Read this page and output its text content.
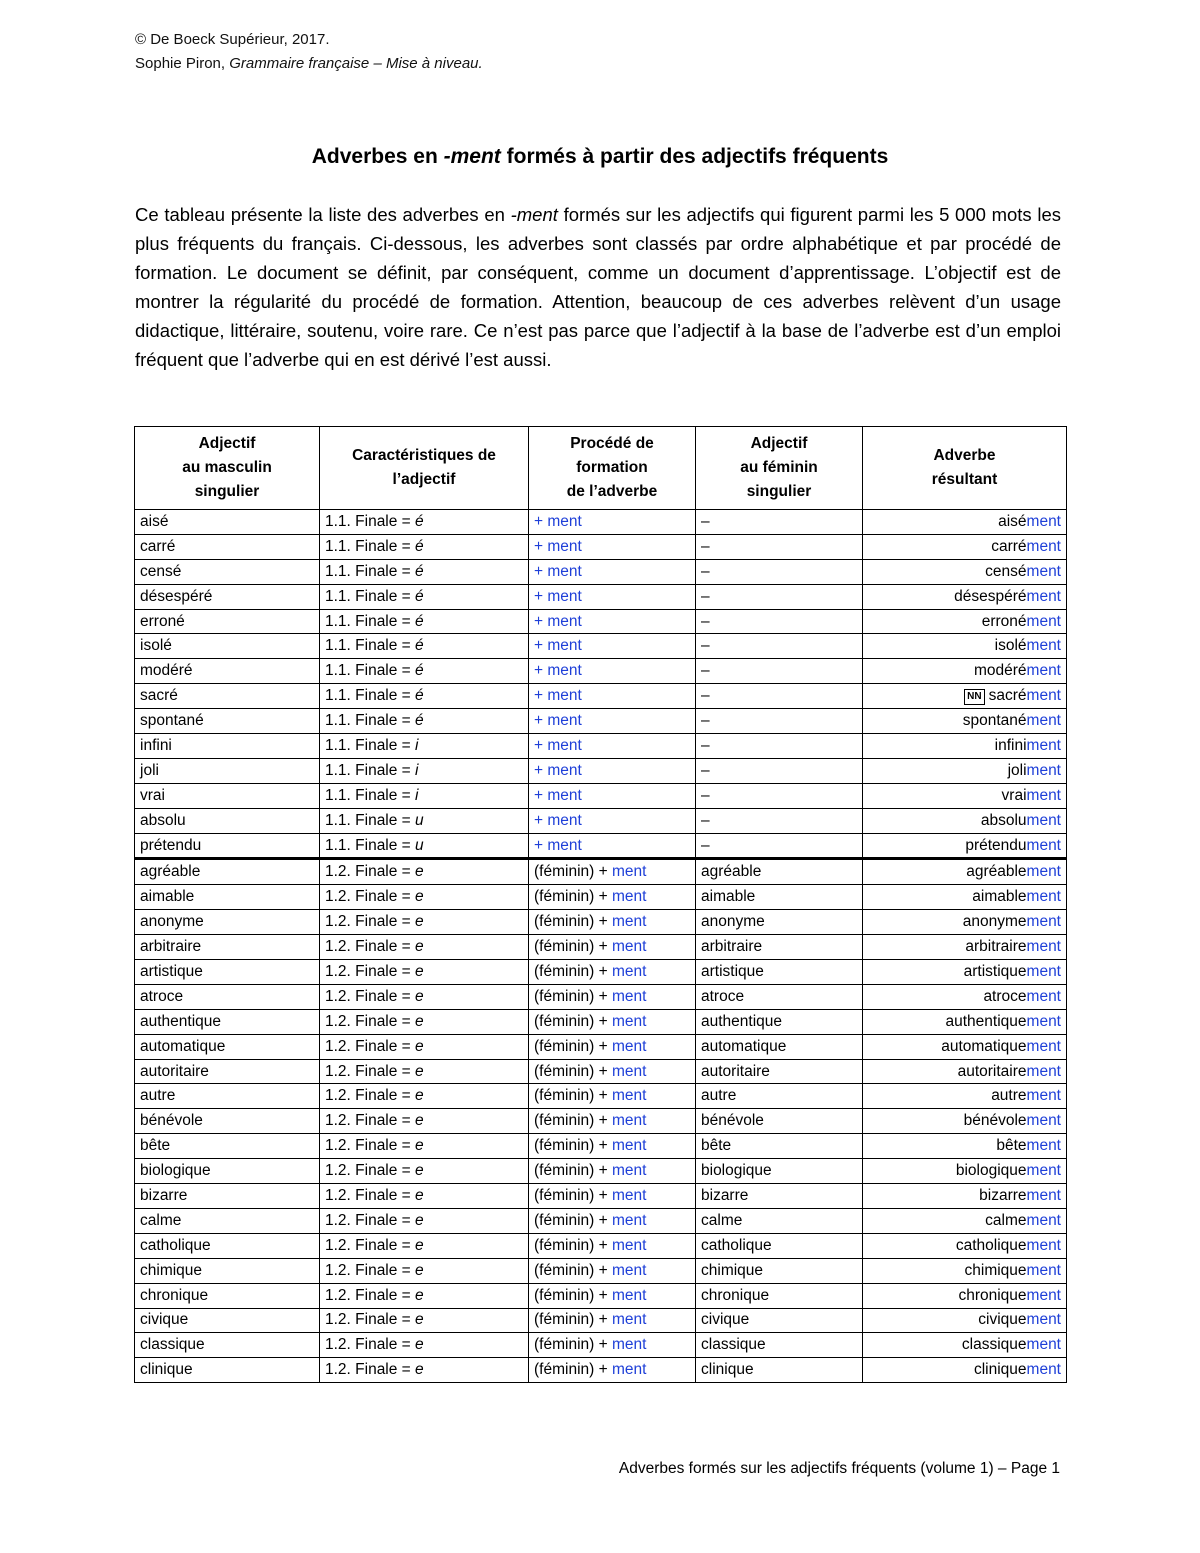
© De Boeck Supérieur, 2017.
Sophie Piron, Grammaire française – Mise à niveau.
Adverbes en -ment formés à partir des adjectifs fréquents
Ce tableau présente la liste des adverbes en -ment formés sur les adjectifs qui figurent parmi les 5 000 mots les plus fréquents du français. Ci-dessous, les adverbes sont classés par ordre alphabétique et par procédé de formation. Le document se définit, par conséquent, comme un document d’apprentissage. L’objectif est de montrer la régularité du procédé de formation. Attention, beaucoup de ces adverbes relèvent d’un usage didactique, littéraire, soutenu, voire rare. Ce n’est pas parce que l’adjectif à la base de l’adverbe est d’un emploi fréquent que l’adverbe qui en est dérivé l’est aussi.
Adjectif
au masculin
singulier	Caractéristiques de
l’adjectif	Procédé de
formation
de l’adverbe	Adjectif
au féminin
singulier	Adverbe
résultant

aisé	1.1. Finale = é	+ ment	–	aisément
carré	1.1. Finale = é	+ ment	–	carrément
censé	1.1. Finale = é	+ ment	–	censément
désespéré	1.1. Finale = é	+ ment	–	désespérément
erroné	1.1. Finale = é	+ ment	–	erronément
isolé	1.1. Finale = é	+ ment	–	isolément
modéré	1.1. Finale = é	+ ment	–	modérément
sacré	1.1. Finale = é	+ ment	–	NN sacrément
spontané	1.1. Finale = é	+ ment	–	spontanément
infini	1.1. Finale = i	+ ment	–	infiniment
joli	1.1. Finale = i	+ ment	–	joliment
vrai	1.1. Finale = i	+ ment	–	vraiment
absolu	1.1. Finale = u	+ ment	–	absolument
prétendu	1.1. Finale = u	+ ment	–	prétendument
agréable	1.2. Finale = e	(féminin) + ment	agréable	agréablement
aimable	1.2. Finale = e	(féminin) + ment	aimable	aimablement
anonyme	1.2. Finale = e	(féminin) + ment	anonyme	anonymement
arbitraire	1.2. Finale = e	(féminin) + ment	arbitraire	arbitrairement
artistique	1.2. Finale = e	(féminin) + ment	artistique	artistiquement
atroce	1.2. Finale = e	(féminin) + ment	atroce	atrocement
authentique	1.2. Finale = e	(féminin) + ment	authentique	authentiquement
automatique	1.2. Finale = e	(féminin) + ment	automatique	automatiquement
autoritaire	1.2. Finale = e	(féminin) + ment	autoritaire	autoritairement
autre	1.2. Finale = e	(féminin) + ment	autre	autrement
bénévole	1.2. Finale = e	(féminin) + ment	bénévole	bénévolement
bête	1.2. Finale = e	(féminin) + ment	bête	bêtement
biologique	1.2. Finale = e	(féminin) + ment	biologique	biologiquement
bizarre	1.2. Finale = e	(féminin) + ment	bizarre	bizarrement
calme	1.2. Finale = e	(féminin) + ment	calme	calmement
catholique	1.2. Finale = e	(féminin) + ment	catholique	catholiquement
chimique	1.2. Finale = e	(féminin) + ment	chimique	chimiquement
chronique	1.2. Finale = e	(féminin) + ment	chronique	chroniquement
civique	1.2. Finale = e	(féminin) + ment	civique	civiquement
classique	1.2. Finale = e	(féminin) + ment	classique	classiquement
clinique	1.2. Finale = e	(féminin) + ment	clinique	cliniquement
Adverbes formés sur les adjectifs fréquents (volume 1) – Page 1
